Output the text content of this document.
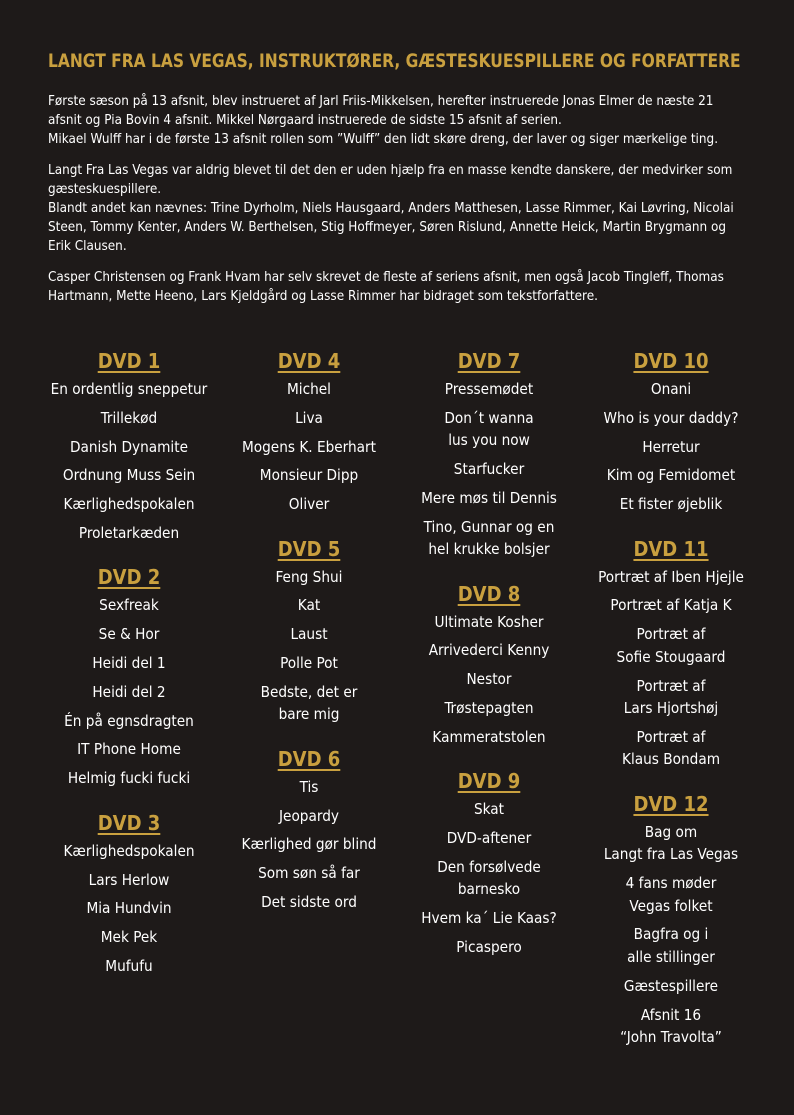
LANGT FRA LAS VEGAS, INSTRUKTØRER, GÆSTESKUESPILLERE OG FORFATTERE

Første sæson på 13 afsnit, blev instrueret af Jarl Friis-Mikkelsen, herefter instruerede Jonas Elmer de næste 21
afsnit og Pia Bovin 4 afsnit. Mikkel Nørgaard instruerede de sidste 15 afsnit af serien.
Mikael Wulff har i de første 13 afsnit rollen som ”Wulff” den lidt skøre dreng, der laver og siger mærkelige ting.

Langt Fra Las Vegas var aldrig blevet til det den er uden hjælp fra en masse kendte danskere, der medvirker som
gæsteskuespillere.
Blandt andet kan nævnes: Trine Dyrholm, Niels Hausgaard, Anders Matthesen, Lasse Rimmer, Kai Løvring, Nicolai
Steen, Tommy Kenter, Anders W. Berthelsen, Stig Hoffmeyer, Søren Rislund, Annette Heick, Martin Brygmann og
Erik Clausen.

Casper Christensen og Frank Hvam har selv skrevet de fleste af seriens afsnit, men også Jacob Tingleff, Thomas
Hartmann, Mette Heeno, Lars Kjeldgård og Lasse Rimmer har bidraget som tekstforfattere.

DVD 1
En ordentlig sneppetur
Trillekød
Danish Dynamite
Ordnung Muss Sein
Kærlighedspokalen
Proletarkæden
DVD 2
Sexfreak
Se & Hor
Heidi del 1
Heidi del 2
Én på egnsdragten
IT Phone Home
Helmig fucki fucki
DVD 3
Kærlighedspokalen
Lars Herlow
Mia Hundvin
Mek Pek
Mufufu
DVD 4
Michel
Liva
Mogens K. Eberhart
Monsieur Dipp
Oliver
DVD 5
Feng Shui
Kat
Laust
Polle Pot
Bedste, det er
bare mig
DVD 6
Tis
Jeopardy
Kærlighed gør blind
Som søn så far
Det sidste ord
DVD 7
Pressemødet
Don´t wanna
lus you now
Starfucker
Mere møs til Dennis
Tino, Gunnar og en
hel krukke bolsjer
DVD 8
Ultimate Kosher
Arrivederci Kenny
Nestor
Trøstepagten
Kammeratstolen
DVD 9
Skat
DVD-aftener
Den forsølvede
barnesko
Hvem ka´ Lie Kaas?
Picaspero
DVD 10
Onani
Who is your daddy?
Herretur
Kim og Femidomet
Et fister øjeblik
DVD 11
Portræt af Iben Hjejle
Portræt af Katja K
Portræt af
Sofie Stougaard
Portræt af
Lars Hjortshøj
Portræt af
Klaus Bondam
DVD 12
Bag om
Langt fra Las Vegas
4 fans møder
Vegas folket
Bagfra og i
alle stillinger
Gæstespillere
Afsnit 16
“John Travolta”
